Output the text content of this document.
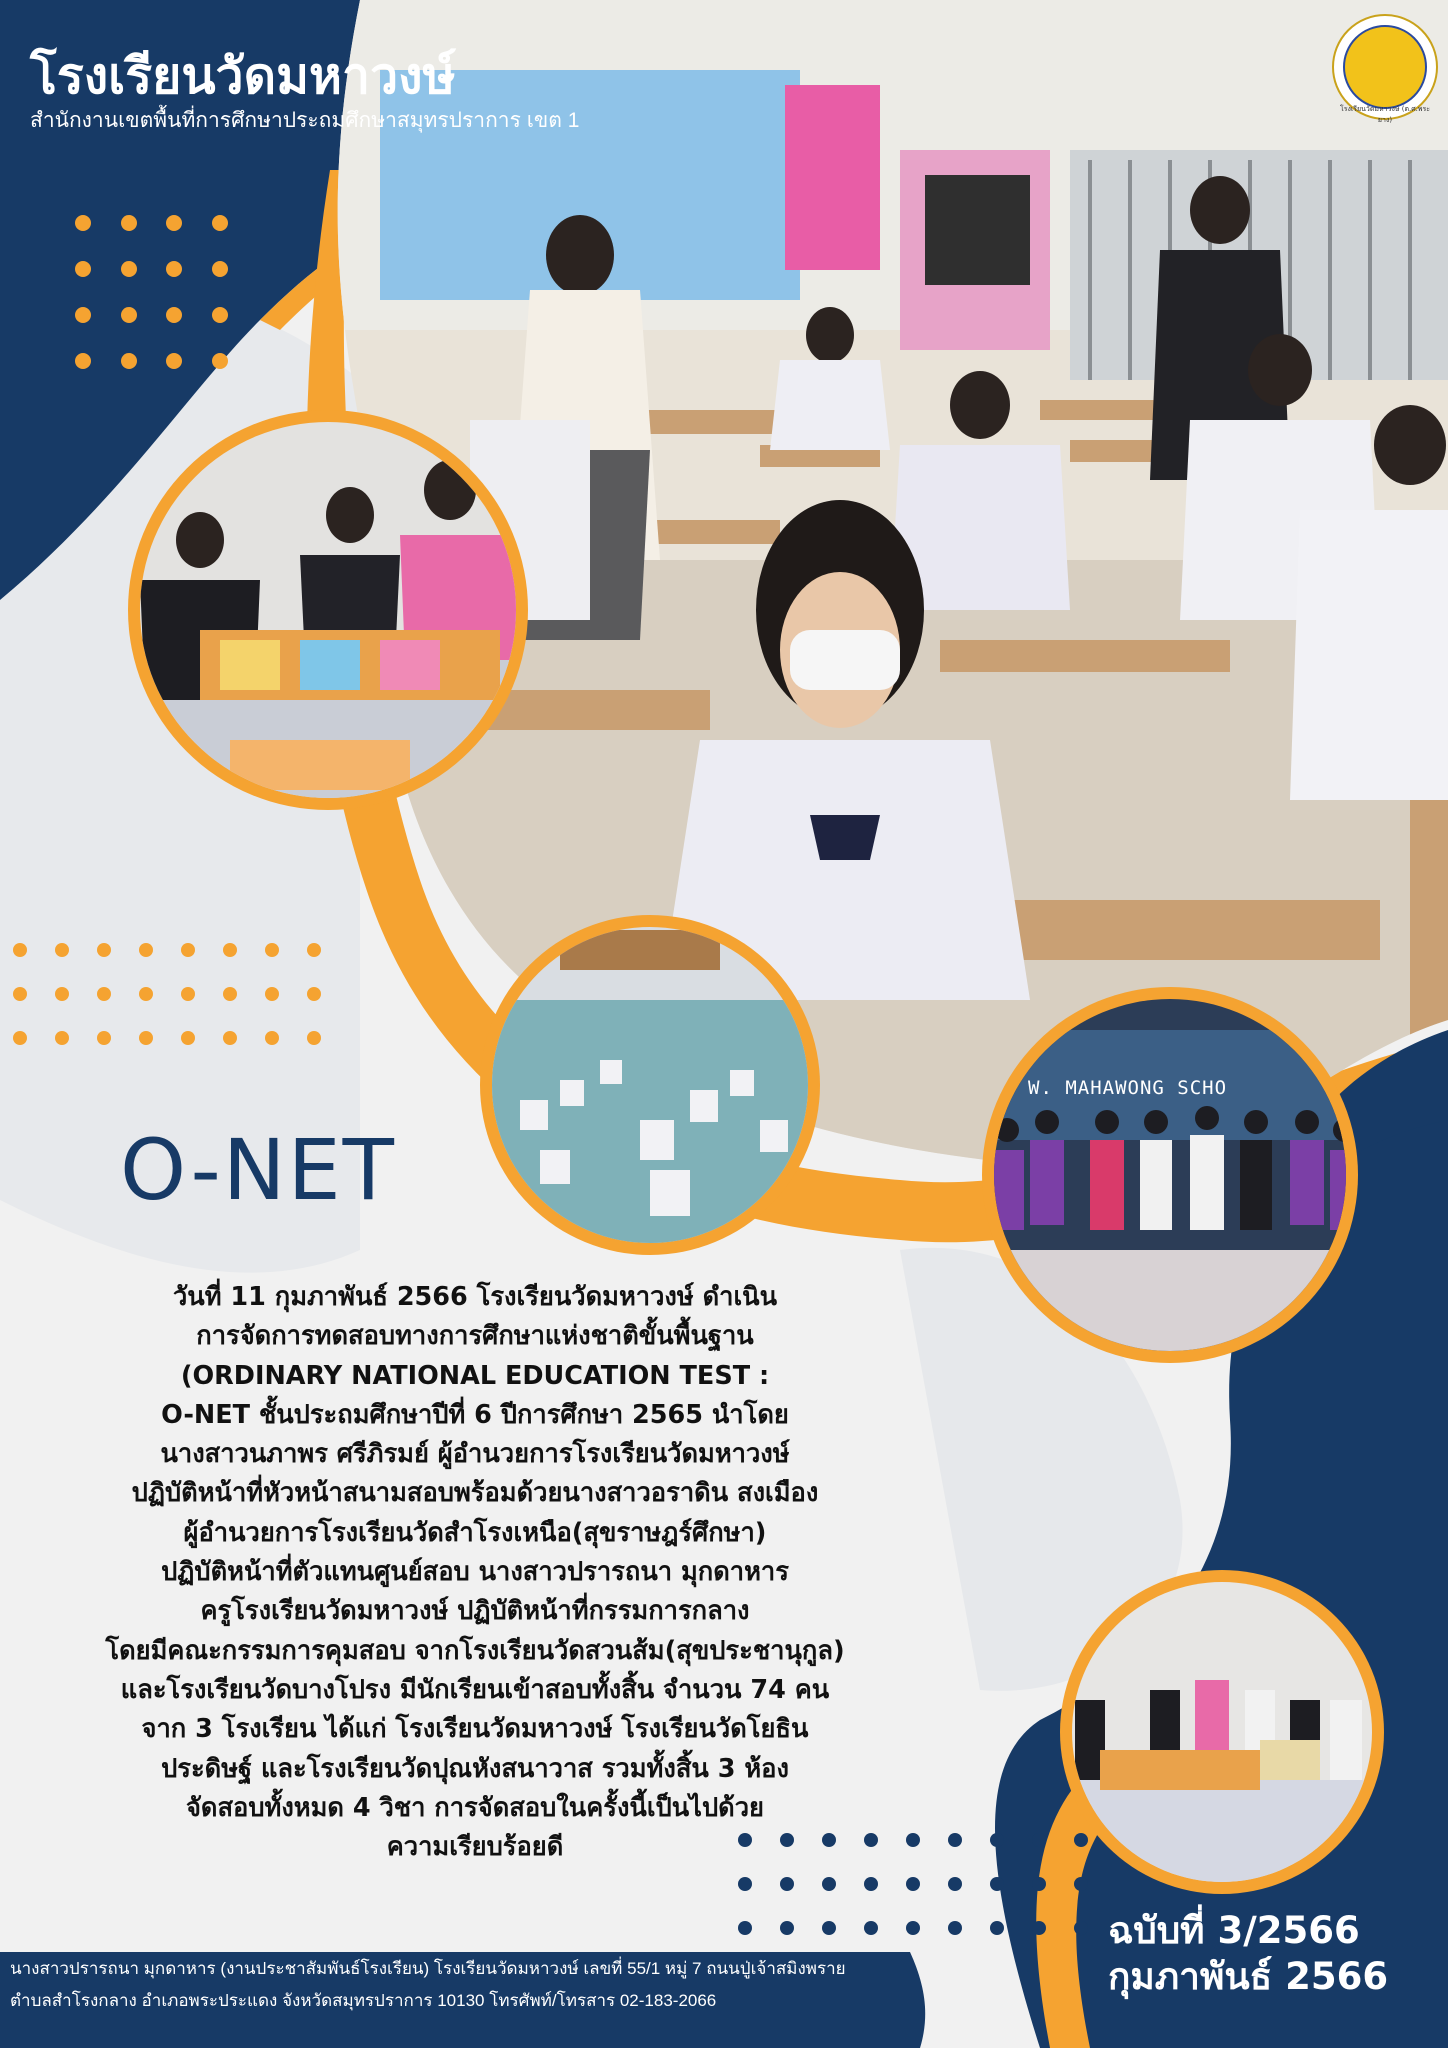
โรงเรียนวัดมหาวงษ์
สำนักงานเขตพื้นที่การศึกษาประถมศึกษาสมุทรปราการ เขต 1	โรงเรียนวัดมหาวงษ์ (ต.ศ.พระยาง)
W. MAHAWONG SCHO
O-NET

วันที่ 11 กุมภาพันธ์ 2566 โรงเรียนวัดมหาวงษ์ ดำเนิน

การจัดการทดสอบทางการศึกษาแห่งชาติขั้นพื้นฐาน

(ORDINARY NATIONAL EDUCATION TEST :

O-NET ชั้นประถมศึกษาปีที่ 6 ปีการศึกษา 2565 นำโดย

นางสาวนภาพร ศรีภิรมย์ ผู้อำนวยการโรงเรียนวัดมหาวงษ์

ปฏิบัติหน้าที่หัวหน้าสนามสอบพร้อมด้วยนางสาวอราดิน สงเมือง

ผู้อำนวยการโรงเรียนวัดสำโรงเหนือ(สุขราษฎร์ศึกษา)

ปฏิบัติหน้าที่ตัวแทนศูนย์สอบ นางสาวปรารถนา มุกดาหาร

ครูโรงเรียนวัดมหาวงษ์ ปฏิบัติหน้าที่กรรมการกลาง

โดยมีคณะกรรมการคุมสอบ จากโรงเรียนวัดสวนส้ม(สุขประชานุกูล)

และโรงเรียนวัดบางโปรง มีนักเรียนเข้าสอบทั้งสิ้น จำนวน 74 คน

จาก 3 โรงเรียน ได้แก่ โรงเรียนวัดมหาวงษ์ โรงเรียนวัดโยธิน

ประดิษฐ์ และโรงเรียนวัดปุณหังสนาวาส รวมทั้งสิ้น 3 ห้อง

จัดสอบทั้งหมด 4 วิชา การจัดสอบในครั้งนี้เป็นไปด้วย

ความเรียบร้อยดี

นางสาวปรารถนา มุกดาหาร (งานประชาสัมพันธ์โรงเรียน) โรงเรียนวัดมหาวงษ์ เลขที่ 55/1 หมู่ 7 ถนนปู่เจ้าสมิงพราย
ตำบลสำโรงกลาง อำเภอพระประแดง จังหวัดสมุทรปราการ 10130 โทรศัพท์/โทรสาร 02-183-2066
ฉบับที่ 3/2566
กุมภาพันธ์ 2566
